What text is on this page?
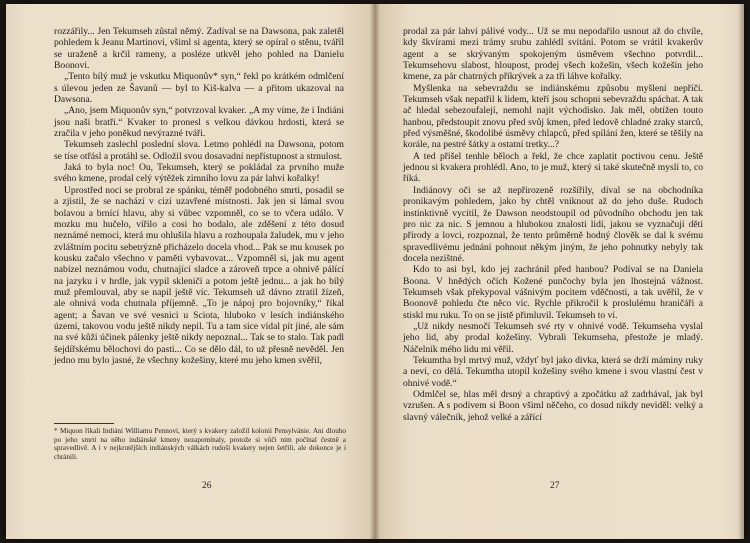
rozzářily... Jen Tekumseh zůstal němý. Zadíval se na Dawsona, pak zaletěl pohledem k Jeanu Martinovi, všiml si agenta, který se opíral o stěnu, tváříl se uraženě a krčil rameny, a posléze utkvěl jeho pohled na Danielu Boonovi.

„Tento bílý muž je vskutku Miquonův* syn,“ řekl po krátkém odmlčení s úlevou jeden ze Šavanů — byl to Kiš-kalva — a přitom ukazoval na Dawsona.

„Ano, jsem Miquonův syn,“ potvrzoval kvaker. „A my víme, že i Indiáni jsou naši bratři.“ Kvaker to pronesl s velkou dávkou hrdosti, která se zračila v jeho poněkud nevýrazné tváři.

Tekumseh zaslechl poslední slova. Letmo pohlédl na Dawsona, potom se tíse otřásl a protáhl se. Odložil svou dosavadní nepřístupnost a strnulost.

Jaká to byla noc! Ou, Tekumseh, který se pokládal za prvního muže svého kmene, prodal celý výtěžek zimního lovu za pár lahví kořalky!

Uprostřed noci se probral ze spánku, téměř podobného smrti, posadil se a zjistil, že se nachází v cizí uzavřené místnosti. Jak jen si lámal svou bolavou a brnící hlavu, aby si vůbec vzpomněl, co se to včera událo. V mozku mu hučelo, vířilo a cosi ho bodalo, ale zděšení z této dosud neznámé nemoci, která mu ohlušila hlavu a rozhoupala žaludek, mu v jeho zvláštním pocitu sebetrýzně přicházelo docela vhod... Pak se mu kousek po kousku začalo všechno v paměti vybavovat... Vzpomněl si, jak mu agent nabízel neznámou vodu, chutnající sladce a zároveň trpce a ohnivě pálící na jazyku i v hrdle, jak vypil skleničí a potom ještě jednu... a jak ho bílý muž přemlouval, aby se napil ještě víc. Tekumseh už dávno ztratil žízeň, ale ohnivá voda chutnala příjemně. „To je nápoj pro bojovníky,“ říkal agent; a Šavan ve své vesnici u Sciota, hluboko v lesích indiánského území, takovou vodu ještě nikdy nepil. Tu a tam sice vídal pít jiné, ale sám na své kůži účinek pálenky ještě nikdy nepoznal... Tak se to stalo. Tak padl šejdířskému bělochovi do pasti... Co se dělo dál, to už přesně nevěděl. Jen jedno mu bylo jasné, že všechny kožešiny, které mu jeho kmen svěřil,

* Miquon říkali Indiáni Williamu Pennovi, který s kvakery založil kolonii Pensylvánie. Ani dlouho po jeho smrti na něho indiánské kmeny nezapomínaly, protože si vůči nim počínal čestně a spravedlivě. A i v nejkrutějších indiánských válkách rudoši kvakery nejen šetřili, ale dokonce je i chránili.
26

prodal za pár lahví pálivé vody... Už se mu nepodařilo usnout až do chvíle, kdy škvírami mezi trámy srubu zahlédl svítání. Potom se vrátil kvakerův agent a se skrývaným spokojeným úsměvem všechno potvrdil... Tekumsehovu slabost, hloupost, prodej všech kožešin, všech kožešin jeho kmene, za pár chatrných příkrývek a za tři láhve kořalky.

Myšlenka na sebevraždu se indiánskému způsobu myšlení nepříčí. Tekumseh však nepatřil k lidem, kteří jsou schopni sebevraždu spáchat. A tak ač hledal sebezoufalejí, nemohl najít východisko. Jak měl, obtížen touto hanbou, předstoupit znovu před svůj kmen, před ledově chladné zraky starců, před výsměšné, škodolibé úsměvy chlapců, před spílání žen, které se těšily na korále, na pestré šátky a ostatní tretky...?

A ted přišel tenhle běloch a řekl, že chce zaplatit poctivou cenu. Ještě jednou si kvakera prohlédl. Ano, to je muž, který si také skutečně myslí to, co říká.

Indiánovy oči se až nepřirozeně rozšířily, díval se na obchodníka pronikavým pohledem, jako by chtěl vniknout až do jeho duše. Rudoch instinktivně vycítil, že Dawson neodstoupil od původního obchodu jen tak pro nic za nic. S jemnou a hlubokou znalostí lidí, jakou se vyznačují děti přírody a lovci, rozpoznal, že tento průměrně hodný člověk se dal k svému spravedlivému jednání pohnout někým jiným, že jeho pohnutky nebyly tak docela nezištné.

Kdo to asi byl, kdo jej zachránil před hanbou? Podíval se na Daniela Boona. V hnědých očích Kožené punčochy byla jen lhostejná vážnost. Tekumseh však překypoval vášnivým pocitem vděčnosti, a tak uvěřil, že v Boonově pohledu čte něco víc. Rychle přikročil k proslulému hraničáři a stiskl mu ruku. To on se jistě přimluvil. Tekumseh to ví.

„Už nikdy nesmočí Tekumseh své rty v ohnivé vodě. Tekumseha vyslal jeho lid, aby prodal kožešiny. Vybrali Tekumseha, přestože je mladý. Náčelník mého lidu mi věřil.

Tekumtha byl mrtvý muž, vždyť byl jako divka, která se drží máminy ruky a neví, co dělá. Tekumtha utopil kožešiny svého kmene i svou vlastní čest v ohnivé vodě.“

Odmlčel se, hlas měl drsný a chraptivý a zpočátku až zadrhával, jak byl vzrušen. A s podivem si Boon všiml něčeho, co dosud nikdy neviděl: velký a slavný válečník, jehož velké a zářící

27
